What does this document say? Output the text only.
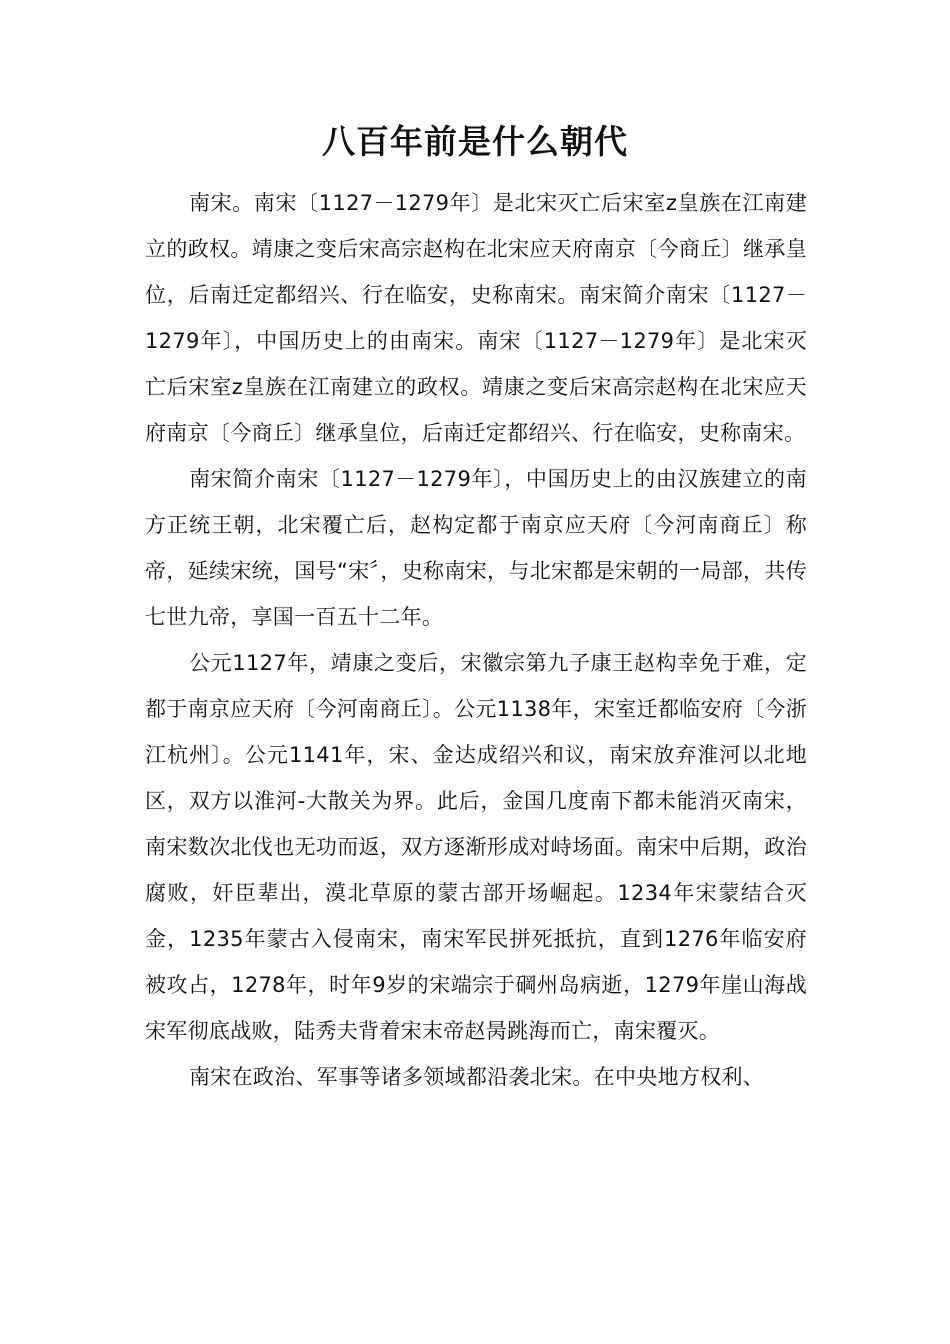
八百年前是什么朝代

南宋。南宋〔1127－1279年〕是北宋灭亡后宋室z皇族在江南建立的政权。靖康之变后宋高宗赵构在北宋应天府南京〔今商丘〕继承皇位，后南迁定都绍兴、行在临安，史称南宋。南宋简介南宋〔1127－1279年〕，中国历史上的由南宋。南宋〔1127－1279年〕是北宋灭亡后宋室z皇族在江南建立的政权。靖康之变后宋高宗赵构在北宋应天府南京〔今商丘〕继承皇位，后南迁定都绍兴、行在临安，史称南宋。

南宋简介南宋〔1127－1279年〕，中国历史上的由汉族建立的南方正统王朝，北宋覆亡后，赵构定都于南京应天府〔今河南商丘〕称帝，延续宋统，国号“宋〞，史称南宋，与北宋都是宋朝的一局部，共传七世九帝，享国一百五十二年。

公元1127年，靖康之变后，宋徽宗第九子康王赵构幸免于难，定都于南京应天府〔今河南商丘〕。公元1138年，宋室迁都临安府〔今浙江杭州〕。公元1141年，宋、金达成绍兴和议，南宋放弃淮河以北地区，双方以淮河-大散关为界。此后，金国几度南下都未能消灭南宋，南宋数次北伐也无功而返，双方逐渐形成对峙场面。南宋中后期，政治腐败，奸臣辈出，漠北草原的蒙古部开场崛起。1234年宋蒙结合灭金，1235年蒙古入侵南宋，南宋军民拼死抵抗，直到1276年临安府被攻占，1278年，时年9岁的宋端宗于碙州岛病逝，1279年崖山海战宋军彻底战败，陆秀夫背着宋末帝赵昺跳海而亡，南宋覆灭。

南宋在政治、军事等诸多领域都沿袭北宋。在中央地方权利、
